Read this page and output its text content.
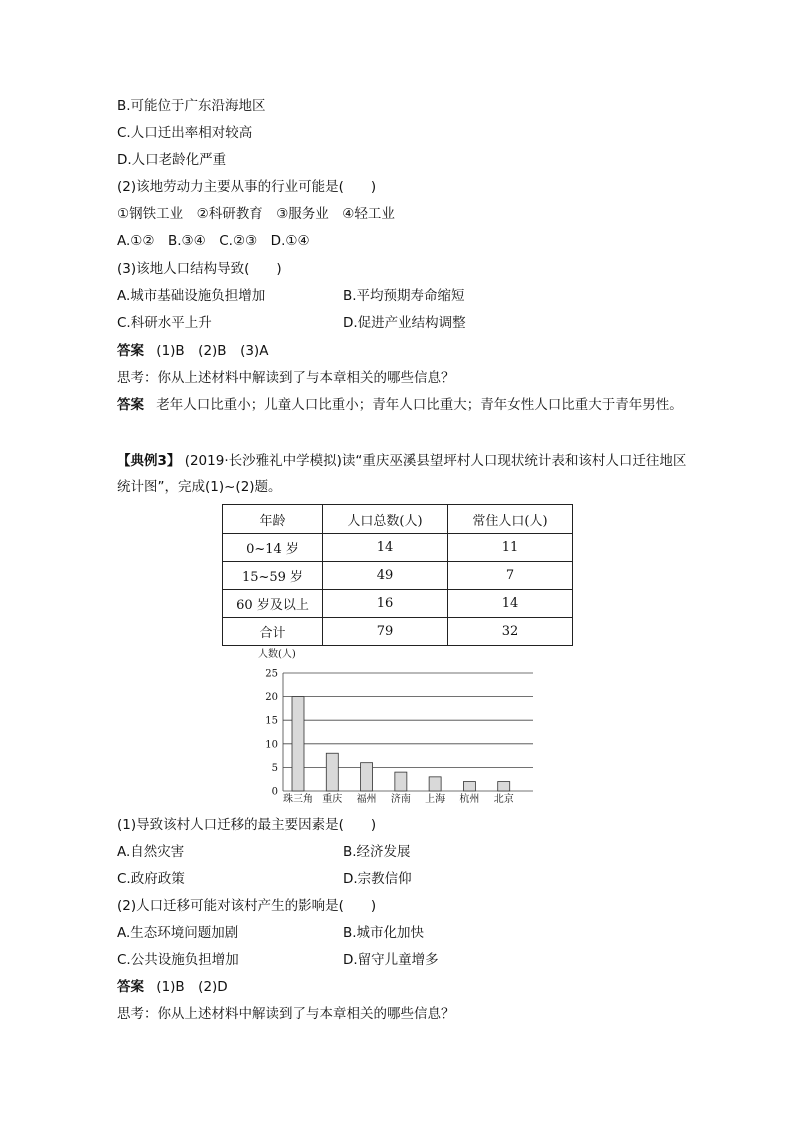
B.可能位于广东沿海地区
C.人口迁出率相对较高
D.人口老龄化严重
(2)该地劳动力主要从事的行业可能是(　　)
①钢铁工业　②科研教育　③服务业　④轻工业
A.①②　B.③④　C.②③　D.①④
(3)该地人口结构导致(　　)
A.城市基础设施负担增加	B.平均预期寿命缩短
C.科研水平上升	D.促进产业结构调整
答案 (1)B　(2)B　(3)A
思考：你从上述材料中解读到了与本章相关的哪些信息？
答案 老年人口比重小；儿童人口比重小；青年人口比重大；青年女性人口比重大于青年男性。
【典例3】 (2019·长沙雅礼中学模拟)读“重庆巫溪县望坪村人口现状统计表和该村人口迁往地区统计图”，完成(1)~(2)题。
年龄	人口总数(人)	常住人口(人)
0~14 岁	14	11
15~59 岁	49	7
60 岁及以上	16	14
合计	79	32
人数(人)
0
5
10
15
20
25
珠三角 重庆 福州 济南 上海 杭州 北京
(1)导致该村人口迁移的最主要因素是(　　)
A.自然灾害	B.经济发展
C.政府政策	D.宗教信仰
(2)人口迁移可能对该村产生的影响是(　　)
A.生态环境问题加剧	B.城市化加快
C.公共设施负担增加	D.留守儿童增多
答案 (1)B　(2)D
思考：你从上述材料中解读到了与本章相关的哪些信息？
